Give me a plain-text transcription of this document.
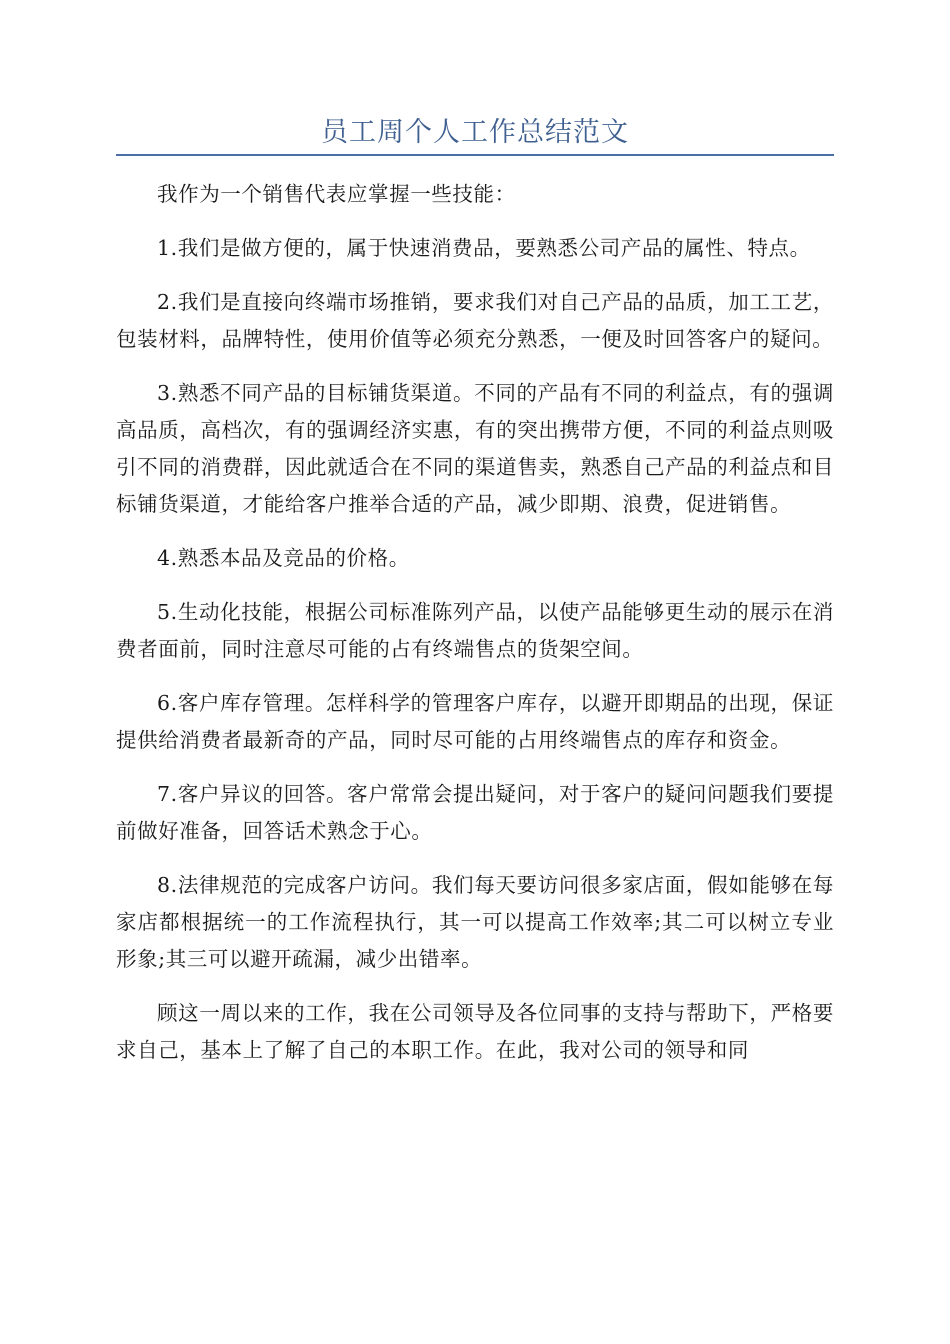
员工周个人工作总结范文

我作为一个销售代表应掌握一些技能：

1.我们是做方便的，属于快速消费品，要熟悉公司产品的属性、特点。

2.我们是直接向终端市场推销，要求我们对自己产品的品质，加工工艺，包装材料，品牌特性，使用价值等必须充分熟悉，一便及时回答客户的疑问。

3.熟悉不同产品的目标铺货渠道。不同的产品有不同的利益点，有的强调高品质，高档次，有的强调经济实惠，有的突出携带方便，不同的利益点则吸引不同的消费群，因此就适合在不同的渠道售卖，熟悉自己产品的利益点和目标铺货渠道，才能给客户推举合适的产品，减少即期、浪费，促进销售。

4.熟悉本品及竞品的价格。

5.生动化技能，根据公司标准陈列产品，以使产品能够更生动的展示在消费者面前，同时注意尽可能的占有终端售点的货架空间。

6.客户库存管理。怎样科学的管理客户库存，以避开即期品的出现，保证提供给消费者最新奇的产品，同时尽可能的占用终端售点的库存和资金。

7.客户异议的回答。客户常常会提出疑问，对于客户的疑问问题我们要提前做好准备，回答话术熟念于心。

8.法律规范的完成客户访问。我们每天要访问很多家店面，假如能够在每家店都根据统一的工作流程执行，其一可以提高工作效率;其二可以树立专业形象;其三可以避开疏漏，减少出错率。

顾这一周以来的工作，我在公司领导及各位同事的支持与帮助下，严格要求自己，基本上了解了自己的本职工作。在此，我对公司的领导和同
